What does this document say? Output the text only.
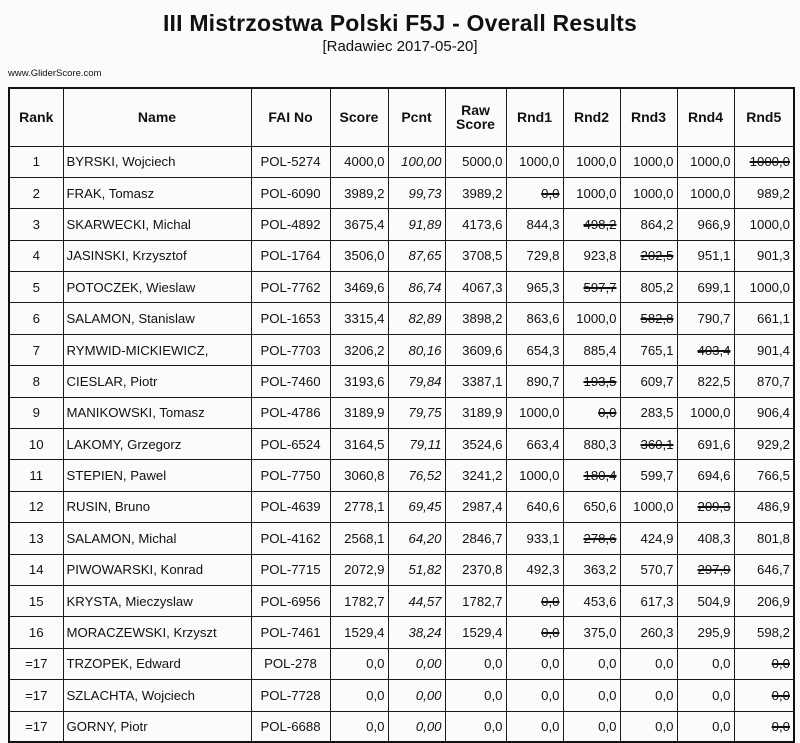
III Mistrzostwa Polski F5J - Overall Results
[Radawiec 2017-05-20]
www.GliderScore.com
Rank	Name	FAI No	Score	Pcnt	Raw Score	Rnd1	Rnd2	Rnd3	Rnd4	Rnd5
1	BYRSKI, Wojciech	POL-5274	4000,0	100,00	5000,0	1000,0	1000,0	1000,0	1000,0	1000,0
2	FRAK, Tomasz	POL-6090	3989,2	99,73	3989,2	0,0	1000,0	1000,0	1000,0	989,2
3	SKARWECKI, Michal	POL-4892	3675,4	91,89	4173,6	844,3	498,2	864,2	966,9	1000,0
4	JASINSKI, Krzysztof	POL-1764	3506,0	87,65	3708,5	729,8	923,8	202,5	951,1	901,3
5	POTOCZEK, Wieslaw	POL-7762	3469,6	86,74	4067,3	965,3	597,7	805,2	699,1	1000,0
6	SALAMON, Stanislaw	POL-1653	3315,4	82,89	3898,2	863,6	1000,0	582,8	790,7	661,1
7	RYMWID-MICKIEWICZ,	POL-7703	3206,2	80,16	3609,6	654,3	885,4	765,1	403,4	901,4
8	CIESLAR, Piotr	POL-7460	3193,6	79,84	3387,1	890,7	193,5	609,7	822,5	870,7
9	MANIKOWSKI, Tomasz	POL-4786	3189,9	79,75	3189,9	1000,0	0,0	283,5	1000,0	906,4
10	LAKOMY, Grzegorz	POL-6524	3164,5	79,11	3524,6	663,4	880,3	360,1	691,6	929,2
11	STEPIEN, Pawel	POL-7750	3060,8	76,52	3241,2	1000,0	180,4	599,7	694,6	766,5
12	RUSIN, Bruno	POL-4639	2778,1	69,45	2987,4	640,6	650,6	1000,0	209,3	486,9
13	SALAMON, Michal	POL-4162	2568,1	64,20	2846,7	933,1	278,6	424,9	408,3	801,8
14	PIWOWARSKI, Konrad	POL-7715	2072,9	51,82	2370,8	492,3	363,2	570,7	297,9	646,7
15	KRYSTA, Mieczyslaw	POL-6956	1782,7	44,57	1782,7	0,0	453,6	617,3	504,9	206,9
16	MORACZEWSKI, Krzyszt	POL-7461	1529,4	38,24	1529,4	0,0	375,0	260,3	295,9	598,2
=17	TRZOPEK, Edward	POL-278	0,0	0,00	0,0	0,0	0,0	0,0	0,0	0,0
=17	SZLACHTA, Wojciech	POL-7728	0,0	0,00	0,0	0,0	0,0	0,0	0,0	0,0
=17	GORNY, Piotr	POL-6688	0,0	0,00	0,0	0,0	0,0	0,0	0,0	0,0
